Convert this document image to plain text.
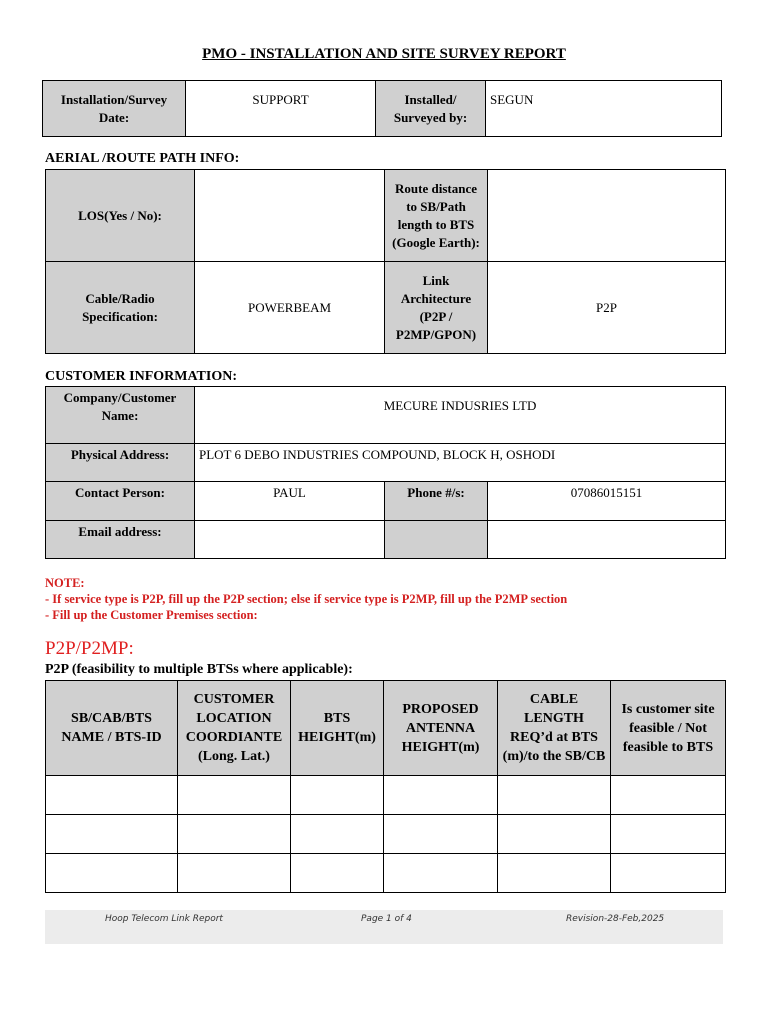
PMO - INSTALLATION AND SITE SURVEY REPORT
Installation/Survey Date:	SUPPORT	Installed/ Surveyed by:	SEGUN
AERIAL /ROUTE PATH INFO:
LOS(Yes / No):		Route distance to SB/Path length to BTS (Google Earth):	
Cable/Radio Specification:	POWERBEAM	Link Architecture (P2P / P2MP/GPON)	P2P
CUSTOMER INFORMATION:
Company/Customer Name:	MECURE INDUSRIES LTD		
Physical Address:	PLOT 6 DEBO INDUSTRIES COMPOUND, BLOCK H, OSHODI		
Contact Person:	PAUL	Phone #/s:	07086015151
Email address:			
NOTE:
- If service type is P2P, fill up the P2P section; else if service type is P2MP, fill up the P2MP section
- Fill up the Customer Premises section:
P2P/P2MP:
P2P (feasibility to multiple BTSs where applicable):
SB/CAB/BTS NAME / BTS-ID	CUSTOMER LOCATION COORDIANTE (Long. Lat.)	BTS HEIGHT(m)	PROPOSED ANTENNA HEIGHT(m)	CABLE LENGTH REQ’d at BTS (m)/to the SB/CB	Is customer site feasible / Not feasible to BTS

Hoop Telecom Link Report	Page 1 of 4	Revision-28-Feb,2025
